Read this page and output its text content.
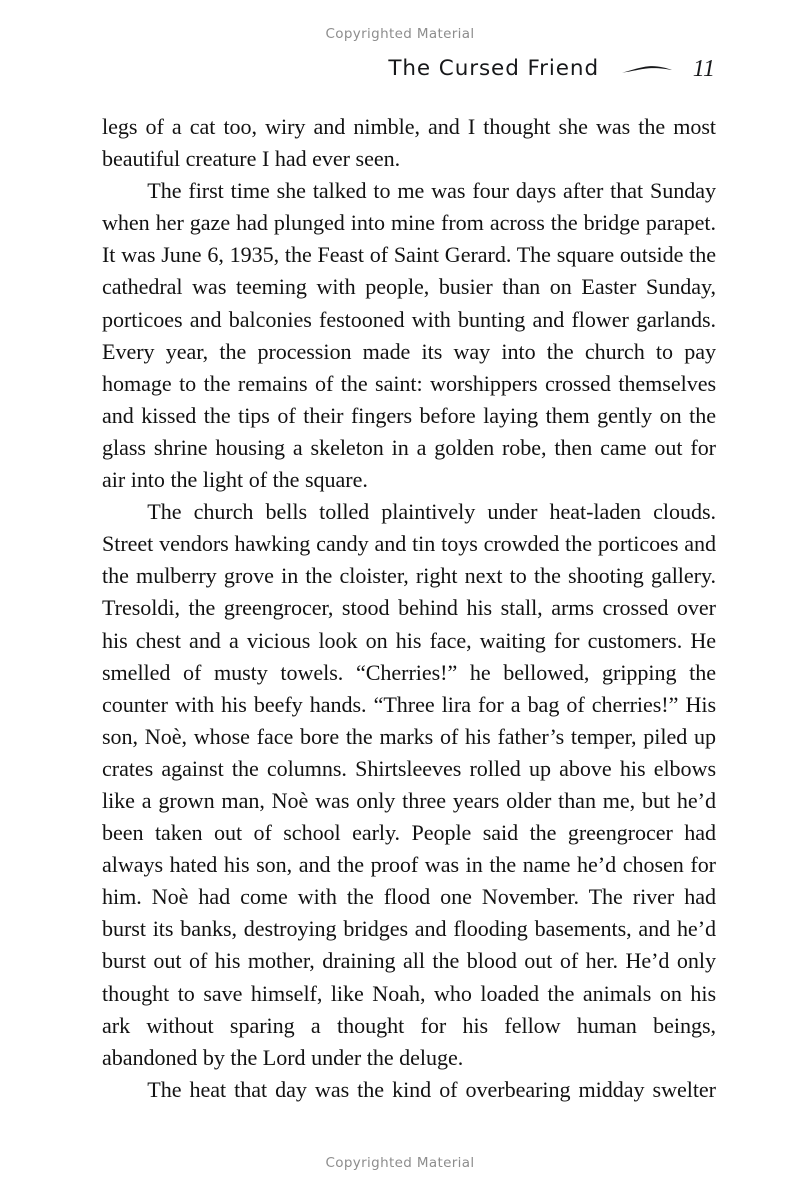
Copyrighted Material
The Cursed Friend	11

legs of a cat too, wiry and nimble, and I thought she was the most beautiful creature I had ever seen.

The first time she talked to me was four days after that Sunday when her gaze had plunged into mine from across the bridge parapet. It was June 6, 1935, the Feast of Saint Gerard. The square outside the cathedral was teeming with people, busier than on Easter Sunday, porticoes and balconies festooned with bunting and flower garlands. Every year, the procession made its way into the church to pay homage to the remains of the saint: worshippers crossed themselves and kissed the tips of their fingers before laying them gently on the glass shrine housing a skeleton in a golden robe, then came out for air into the light of the square.

The church bells tolled plaintively under heat-laden clouds. Street vendors hawking candy and tin toys crowded the porticoes and the mulberry grove in the cloister, right next to the shooting gallery. Tresoldi, the greengrocer, stood behind his stall, arms crossed over his chest and a vicious look on his face, waiting for customers. He smelled of musty towels. “Cherries!” he bellowed, gripping the counter with his beefy hands. “Three lira for a bag of cherries!” His son, Noè, whose face bore the marks of his father’s temper, piled up crates against the columns. Shirtsleeves rolled up above his elbows like a grown man, Noè was only three years older than me, but he’d been taken out of school early. People said the greengrocer had always hated his son, and the proof was in the name he’d chosen for him. Noè had come with the flood one November. The river had burst its banks, destroying bridges and flooding basements, and he’d burst out of his mother, draining all the blood out of her. He’d only thought to save himself, like Noah, who loaded the animals on his ark without sparing a thought for his fellow human beings, abandoned by the Lord under the deluge.

The heat that day was the kind of overbearing midday swelter

Copyrighted Material
